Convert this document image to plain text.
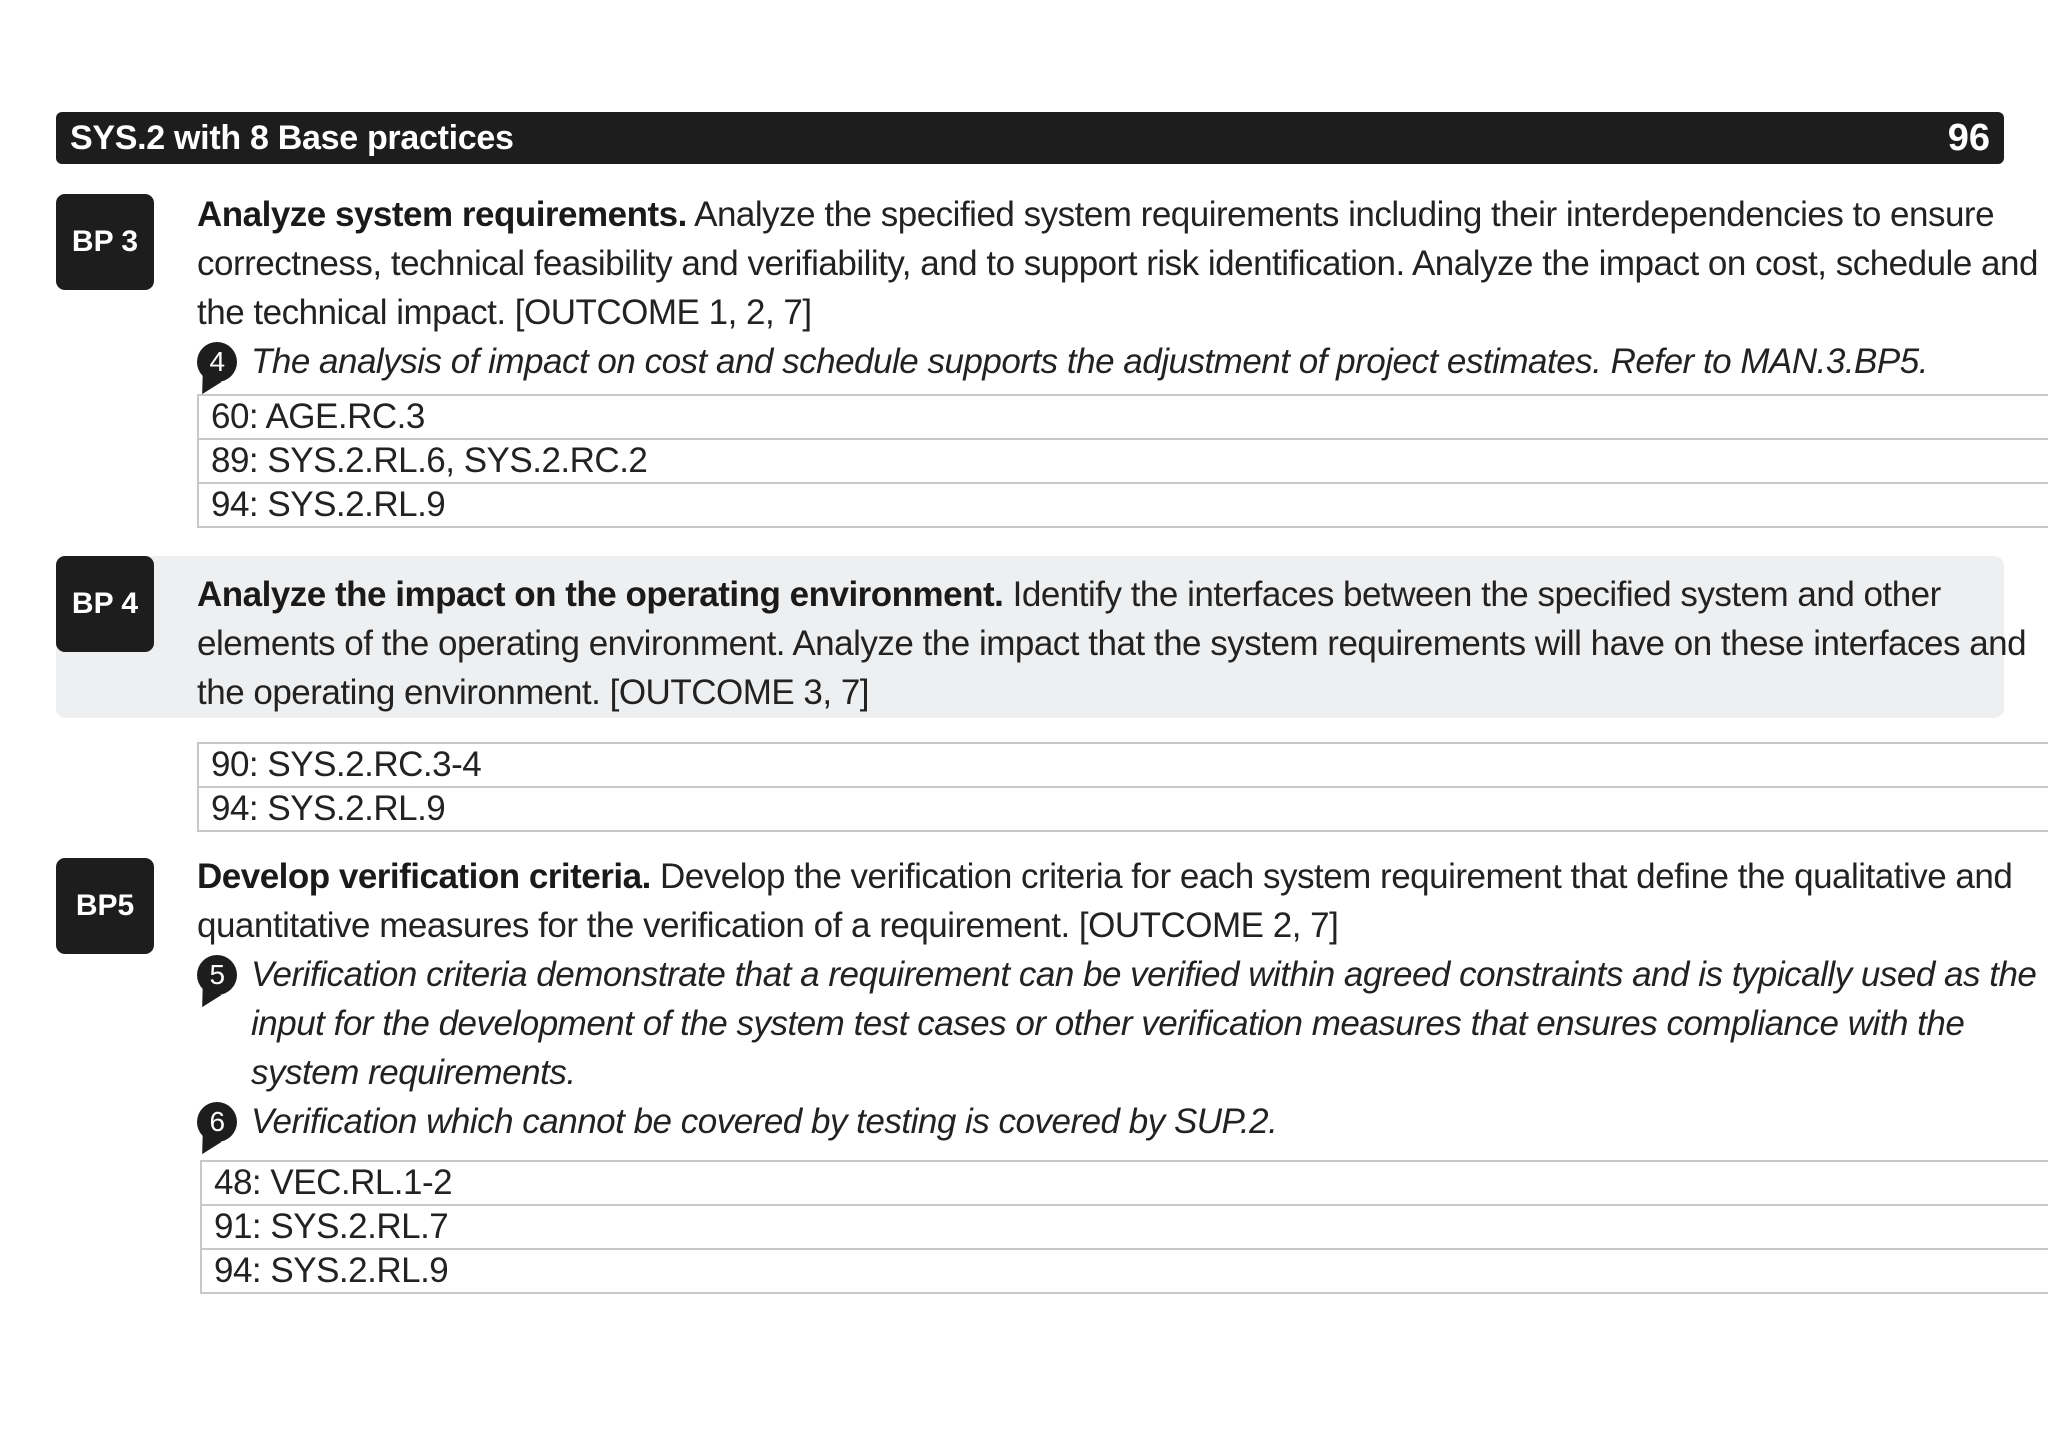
SYS.2 with 8 Base practices	96
BP 3
Analyze system requirements. Analyze the specified system requirements including their interdependencies to ensure correctness, technical feasibility and verifiability, and to support risk identification. Analyze the impact on cost, schedule and the technical impact. [OUTCOME 1, 2, 7]
4 The analysis of impact on cost and schedule supports the adjustment of project estimates. Refer to MAN.3.BP5.
60: AGE.RC.3
89: SYS.2.RL.6, SYS.2.RC.2
94: SYS.2.RL.9
BP 4	Analyze the impact on the operating environment. Identify the interfaces between the specified system and other elements of the operating environment. Analyze the impact that the system requirements will have on these interfaces and the operating environment. [OUTCOME 3, 7]
90: SYS.2.RC.3-4
94: SYS.2.RL.9
BP5
Develop verification criteria. Develop the verification criteria for each system requirement that define the qualitative and quantitative measures for the verification of a requirement. [OUTCOME 2, 7]
5 Verification criteria demonstrate that a requirement can be verified within agreed constraints and is typically used as the input for the development of the system test cases or other verification measures that ensures compliance with the system requirements.
6 Verification which cannot be covered by testing is covered by SUP.2.
48: VEC.RL.1-2
91: SYS.2.RL.7
94: SYS.2.RL.9
